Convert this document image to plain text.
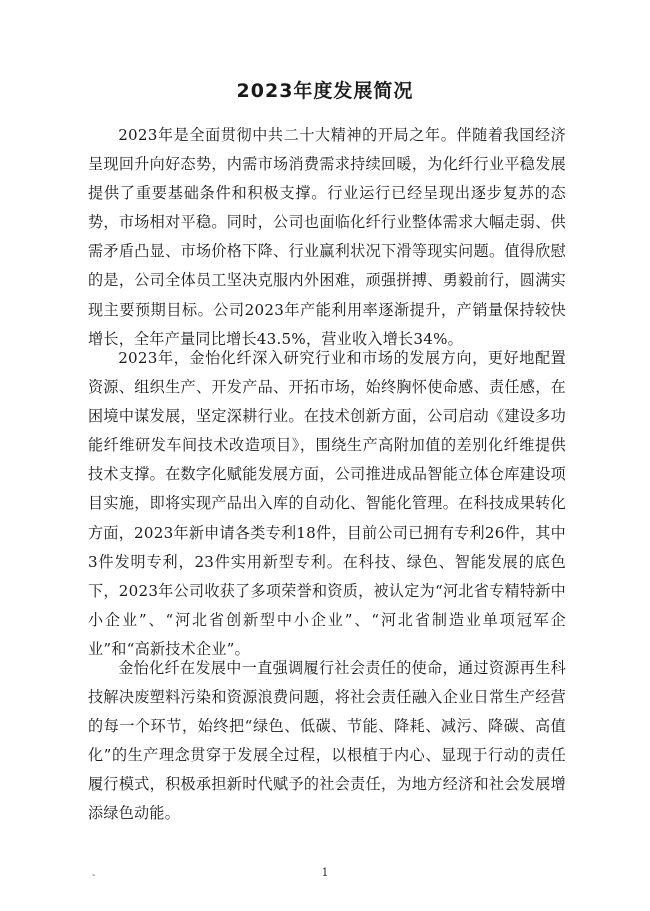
2023年度发展简况

2023年是全面贯彻中共二十大精神的开局之年。伴随着我国经济呈现回升向好态势，内需市场消费需求持续回暖，为化纤行业平稳发展提供了重要基础条件和积极支撑。行业运行已经呈现出逐步复苏的态势，市场相对平稳。同时，公司也面临化纤行业整体需求大幅走弱、供需矛盾凸显、市场价格下降、行业赢利状况下滑等现实问题。值得欣慰的是，公司全体员工坚决克服内外困难，顽强拼搏、勇毅前行，圆满实现主要预期目标。公司2023年产能利用率逐渐提升，产销量保持较快增长，全年产量同比增长43.5%，营业收入增长34%。

2023年，金怡化纤深入研究行业和市场的发展方向，更好地配置资源、组织生产、开发产品、开拓市场，始终胸怀使命感、责任感，在困境中谋发展，坚定深耕行业。在技术创新方面，公司启动《建设多功能纤维研发车间技术改造项目》，围绕生产高附加值的差别化纤维提供技术支撑。在数字化赋能发展方面，公司推进成品智能立体仓库建设项目实施，即将实现产品出入库的自动化、智能化管理。在科技成果转化方面，2023年新申请各类专利18件，目前公司已拥有专利26件，其中3件发明专利，23件实用新型专利。在科技、绿色、智能发展的底色下，2023年公司收获了多项荣誉和资质，被认定为“河北省专精特新中小企业”、“河北省创新型中小企业”、“河北省制造业单项冠军企业”和“高新技术企业”。

金怡化纤在发展中一直强调履行社会责任的使命，通过资源再生科技解决废塑料污染和资源浪费问题，将社会责任融入企业日常生产经营的每一个环节，始终把“绿色、低碳、节能、降耗、减污、降碳、高值化”的生产理念贯穿于发展全过程，以根植于内心、显现于行动的责任履行模式，积极承担新时代赋予的社会责任，为地方经济和社会发展增添绿色动能。

-	1
